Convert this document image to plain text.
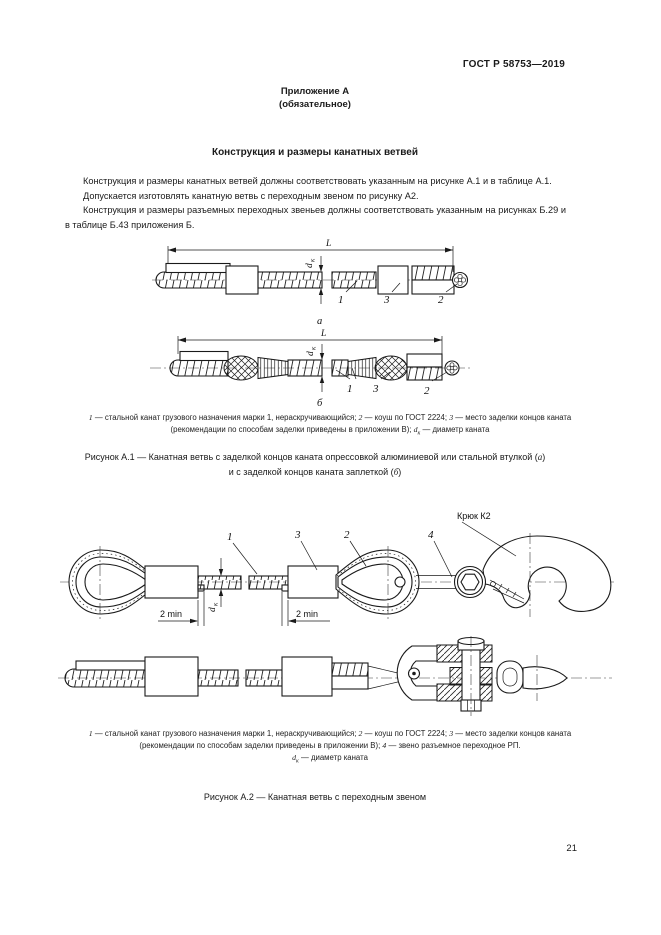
ГОСТ Р 58753—2019
Приложение А
(обязательное)
Конструкция и размеры канатных ветвей

Конструкция и размеры канатных ветвей должны соответствовать указанным на рисунке А.1 и в таблице А.1.

Допускается изготовлять канатную ветвь с переходным звеном по рисунку А2.

Конструкция и размеры разъемных переходных звеньев должны соответствовать указанным на рисунках Б.29 и в таблице Б.43 приложения Б.

L
d
к
1	3	2
а
L
d
к
1 3	2
б
1 — стальной канат грузового назначения марки 1, нераскручивающийся; 2 — коуш по ГОСТ 2224; 3 — место заделки концов каната (рекомендации по способам заделки приведены в приложении В); $d_к$ — диаметр каната
Рисунок А.1 — Канатная ветвь с заделкой концов каната опрессовкой алюминиевой или стальной втулкой (а)
и с заделкой концов каната заплеткой (б)
2 min	d
к
1
2 min
3	2	4
Крюк К2
1 — стальной канат грузового назначения марки 1, нераскручивающийся; 2 — коуш по ГОСТ 2224; 3 — место заделки концов каната (рекомендации по способам заделки приведены в приложении В); 4 — звено разъемное переходное РП.
$d_к$ — диаметр каната
Рисунок А.2 — Канатная ветвь с переходным звеном
21
